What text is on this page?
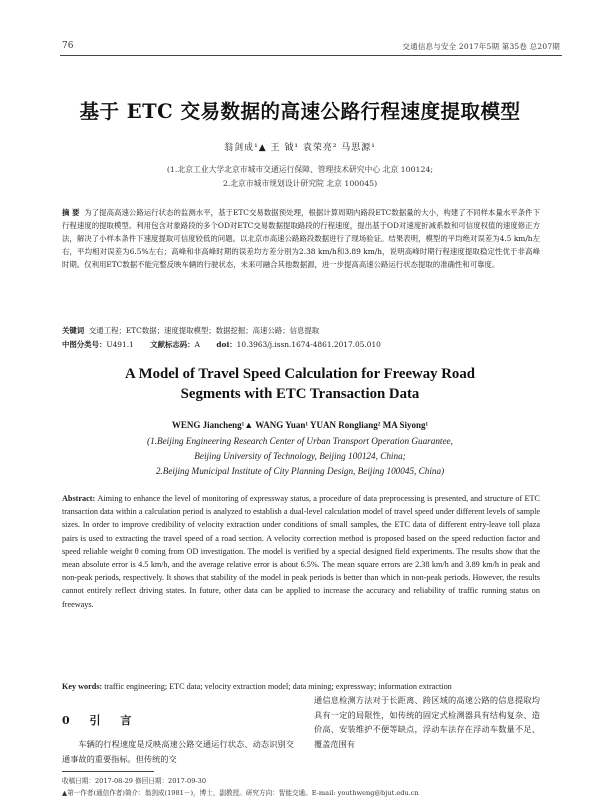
76	交通信息与安全 2017年5期 第35卷 总207期
基于 ETC 交易数据的高速公路行程速度提取模型
翁剑成¹▲ 王 钺¹ 袁荣亮² 马思源¹
(1.北京工业大学北京市城市交通运行保障、管理技术研究中心 北京 100124;
2.北京市城市规划设计研究院 北京 100045)
摘 要 为了提高高速公路运行状态的监测水平，基于ETC交易数据预处理，根据计算周期内路段ETC数据量的大小，构建了不同样本量水平条件下行程速度的提取模型。利用包含对象路段的多个OD对ETC交易数据提取路段的行程速度，提出基于OD对速度折减系数和可信度权值的速度修正方法，解决了小样本条件下速度提取可信度较低的问题。以北京市高速公路路段数据进行了现场验证。结果表明，模型的平均绝对误差为4.5 km/h左右，平均相对误差为6.5%左右；高峰和非高峰时期的误差均方差分别为2.38 km/h和3.89 km/h，说明高峰时期行程速度提取稳定性优于非高峰时期。仅利用ETC数据不能完整反映车辆的行驶状态，未来可融合其他数据源，进一步提高高速公路运行状态提取的准确性和可靠度。
关键词 交通工程；ETC数据；速度提取模型；数据挖掘；高速公路；信息提取
中图分类号：U491.1 文献标志码：A doi：10.3963/j.issn.1674-4861.2017.05.010
A Model of Travel Speed Calculation for Freeway Road
Segments with ETC Transaction Data
WENG Jiancheng¹▲ WANG Yuan¹ YUAN Rongliang² MA Siyong¹
(1.Beijing Engineering Research Center of Urban Transport Operation Guarantee,
Beijing University of Technology, Beijing 100124, China;
2.Beijing Municipal Institute of City Planning Design, Beijing 100045, China)
Abstract: Aiming to enhance the level of monitoring of expressway status, a procedure of data preprocessing is presented, and structure of ETC transaction data within a calculation period is analyzed to establish a dual-level calculation model of travel speed under different levels of sample sizes. In order to improve credibility of velocity extraction under conditions of small samples, the ETC data of different entry-leave toll plaza pairs is used to extracting the travel speed of a road section. A velocity correction method is proposed based on the speed reduction factor and speed reliable weight θ coming from OD investigation. The model is verified by a special designed field experiments. The results show that the mean absolute error is 4.5 km/h, and the average relative error is about 6.5%. The mean square errors are 2.38 km/h and 3.89 km/h in peak and non-peak periods, respectively. It shows that stability of the model in peak periods is better than which in non-peak periods. However, the results cannot entirely reflect driving states. In future, other data can be applied to increase the accuracy and reliability of traffic running status on freeways.
Key words: traffic engineering; ETC data; velocity extraction model; data mining; expressway; information extraction
0 引 言
车辆的行程速度是反映高速公路交通运行状态、动态识别交通事故的重要指标。但传统的交
通信息检测方法对于长距离、跨区域的高速公路的信息提取均具有一定的局限性，如传统的固定式检测器具有结构复杂、造价高、安装维护不便等缺点，浮动车法存在浮动车数量不足、覆盖范围有
收稿日期：2017-08-29 修回日期：2017-09-30
▲第一作者(通信作者)简介：翁剑成(1981－)，博士，副教授。研究方向：智能交通。E-mail: youthweng@bjut.edu.cn
